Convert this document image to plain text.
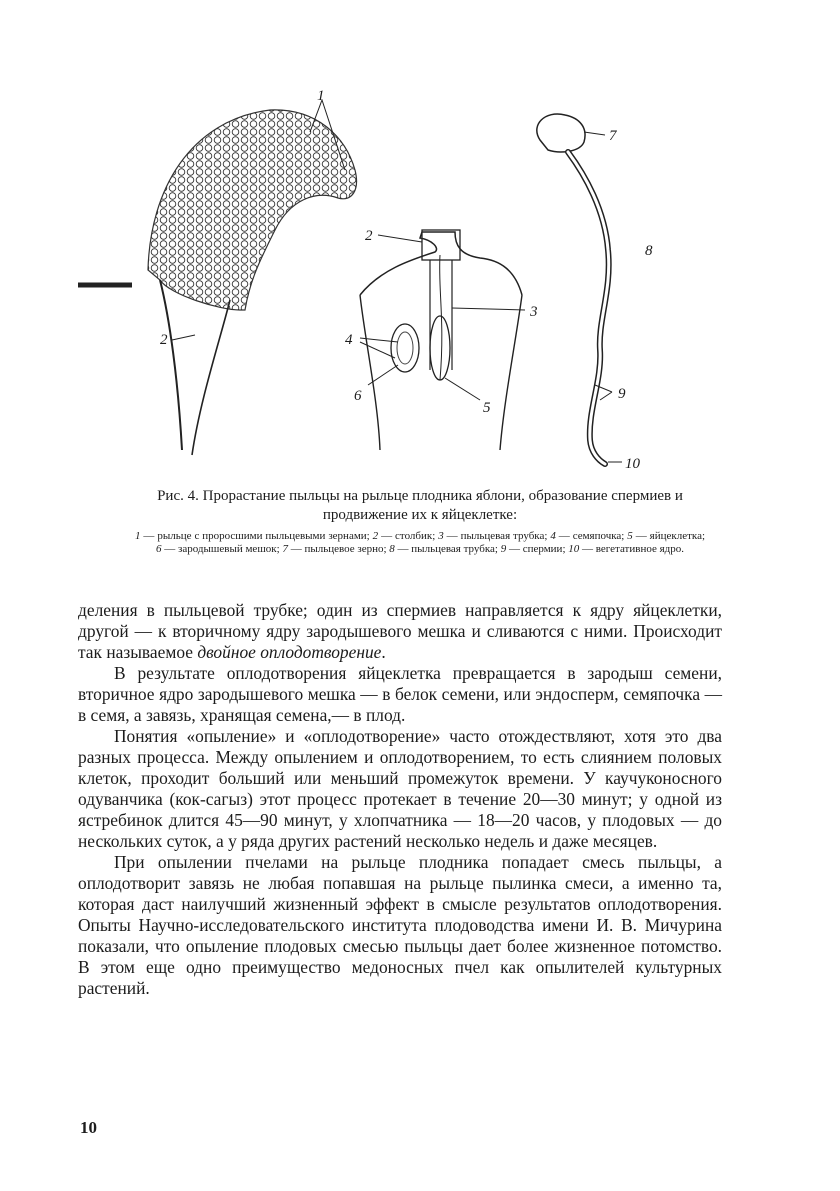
1
2
2
3
4
6
5
7
8
9
10
Рис. 4. Прорастание пыльцы на рыльце плодника яблони, образование спермиев и продвижение их к яйцеклетке:
1 — рыльце с проросшими пыльцевыми зернами; 2 — столбик; 3 — пыльцевая трубка; 4 — семяпочка; 5 — яйцеклетка; 6 — зародышевый мешок; 7 — пыльцевое зерно; 8 — пыльцевая трубка; 9 — спермии; 10 — вегетативное ядро.

деления в пыльцевой трубке; один из спермиев направляется к ядру яйцеклетки, другой — к вторичному ядру зародышевого мешка и сливаются с ними. Происходит так называемое двойное оплодотворение.

В результате оплодотворения яйцеклетка превращается в зародыш семени, вторичное ядро зародышевого мешка — в белок семени, или эндосперм, семяпочка — в семя, а завязь, хранящая семена,— в плод.

Понятия «опыление» и «оплодотворение» часто отождествляют, хотя это два разных процесса. Между опылением и оплодотворением, то есть слиянием половых клеток, проходит больший или меньший промежуток времени. У каучуконосного одуванчика (кок-сагыз) этот процесс протекает в течение 20—30 минут; у одной из ястребинок длится 45—90 минут, у хлопчатника — 18—20 часов, у плодовых — до нескольких суток, а у ряда других растений несколько недель и даже месяцев.

При опылении пчелами на рыльце плодника попадает смесь пыльцы, а оплодотворит завязь не любая попавшая на рыльце пылинка смеси, а именно та, которая даст наилучший жизненный эффект в смысле результатов оплодотворения. Опыты Научно-исследовательского института плодоводства имени И. В. Мичурина показали, что опыление плодовых смесью пыльцы дает более жизненное потомство. В этом еще одно преимущество медоносных пчел как опылителей культурных растений.

10
